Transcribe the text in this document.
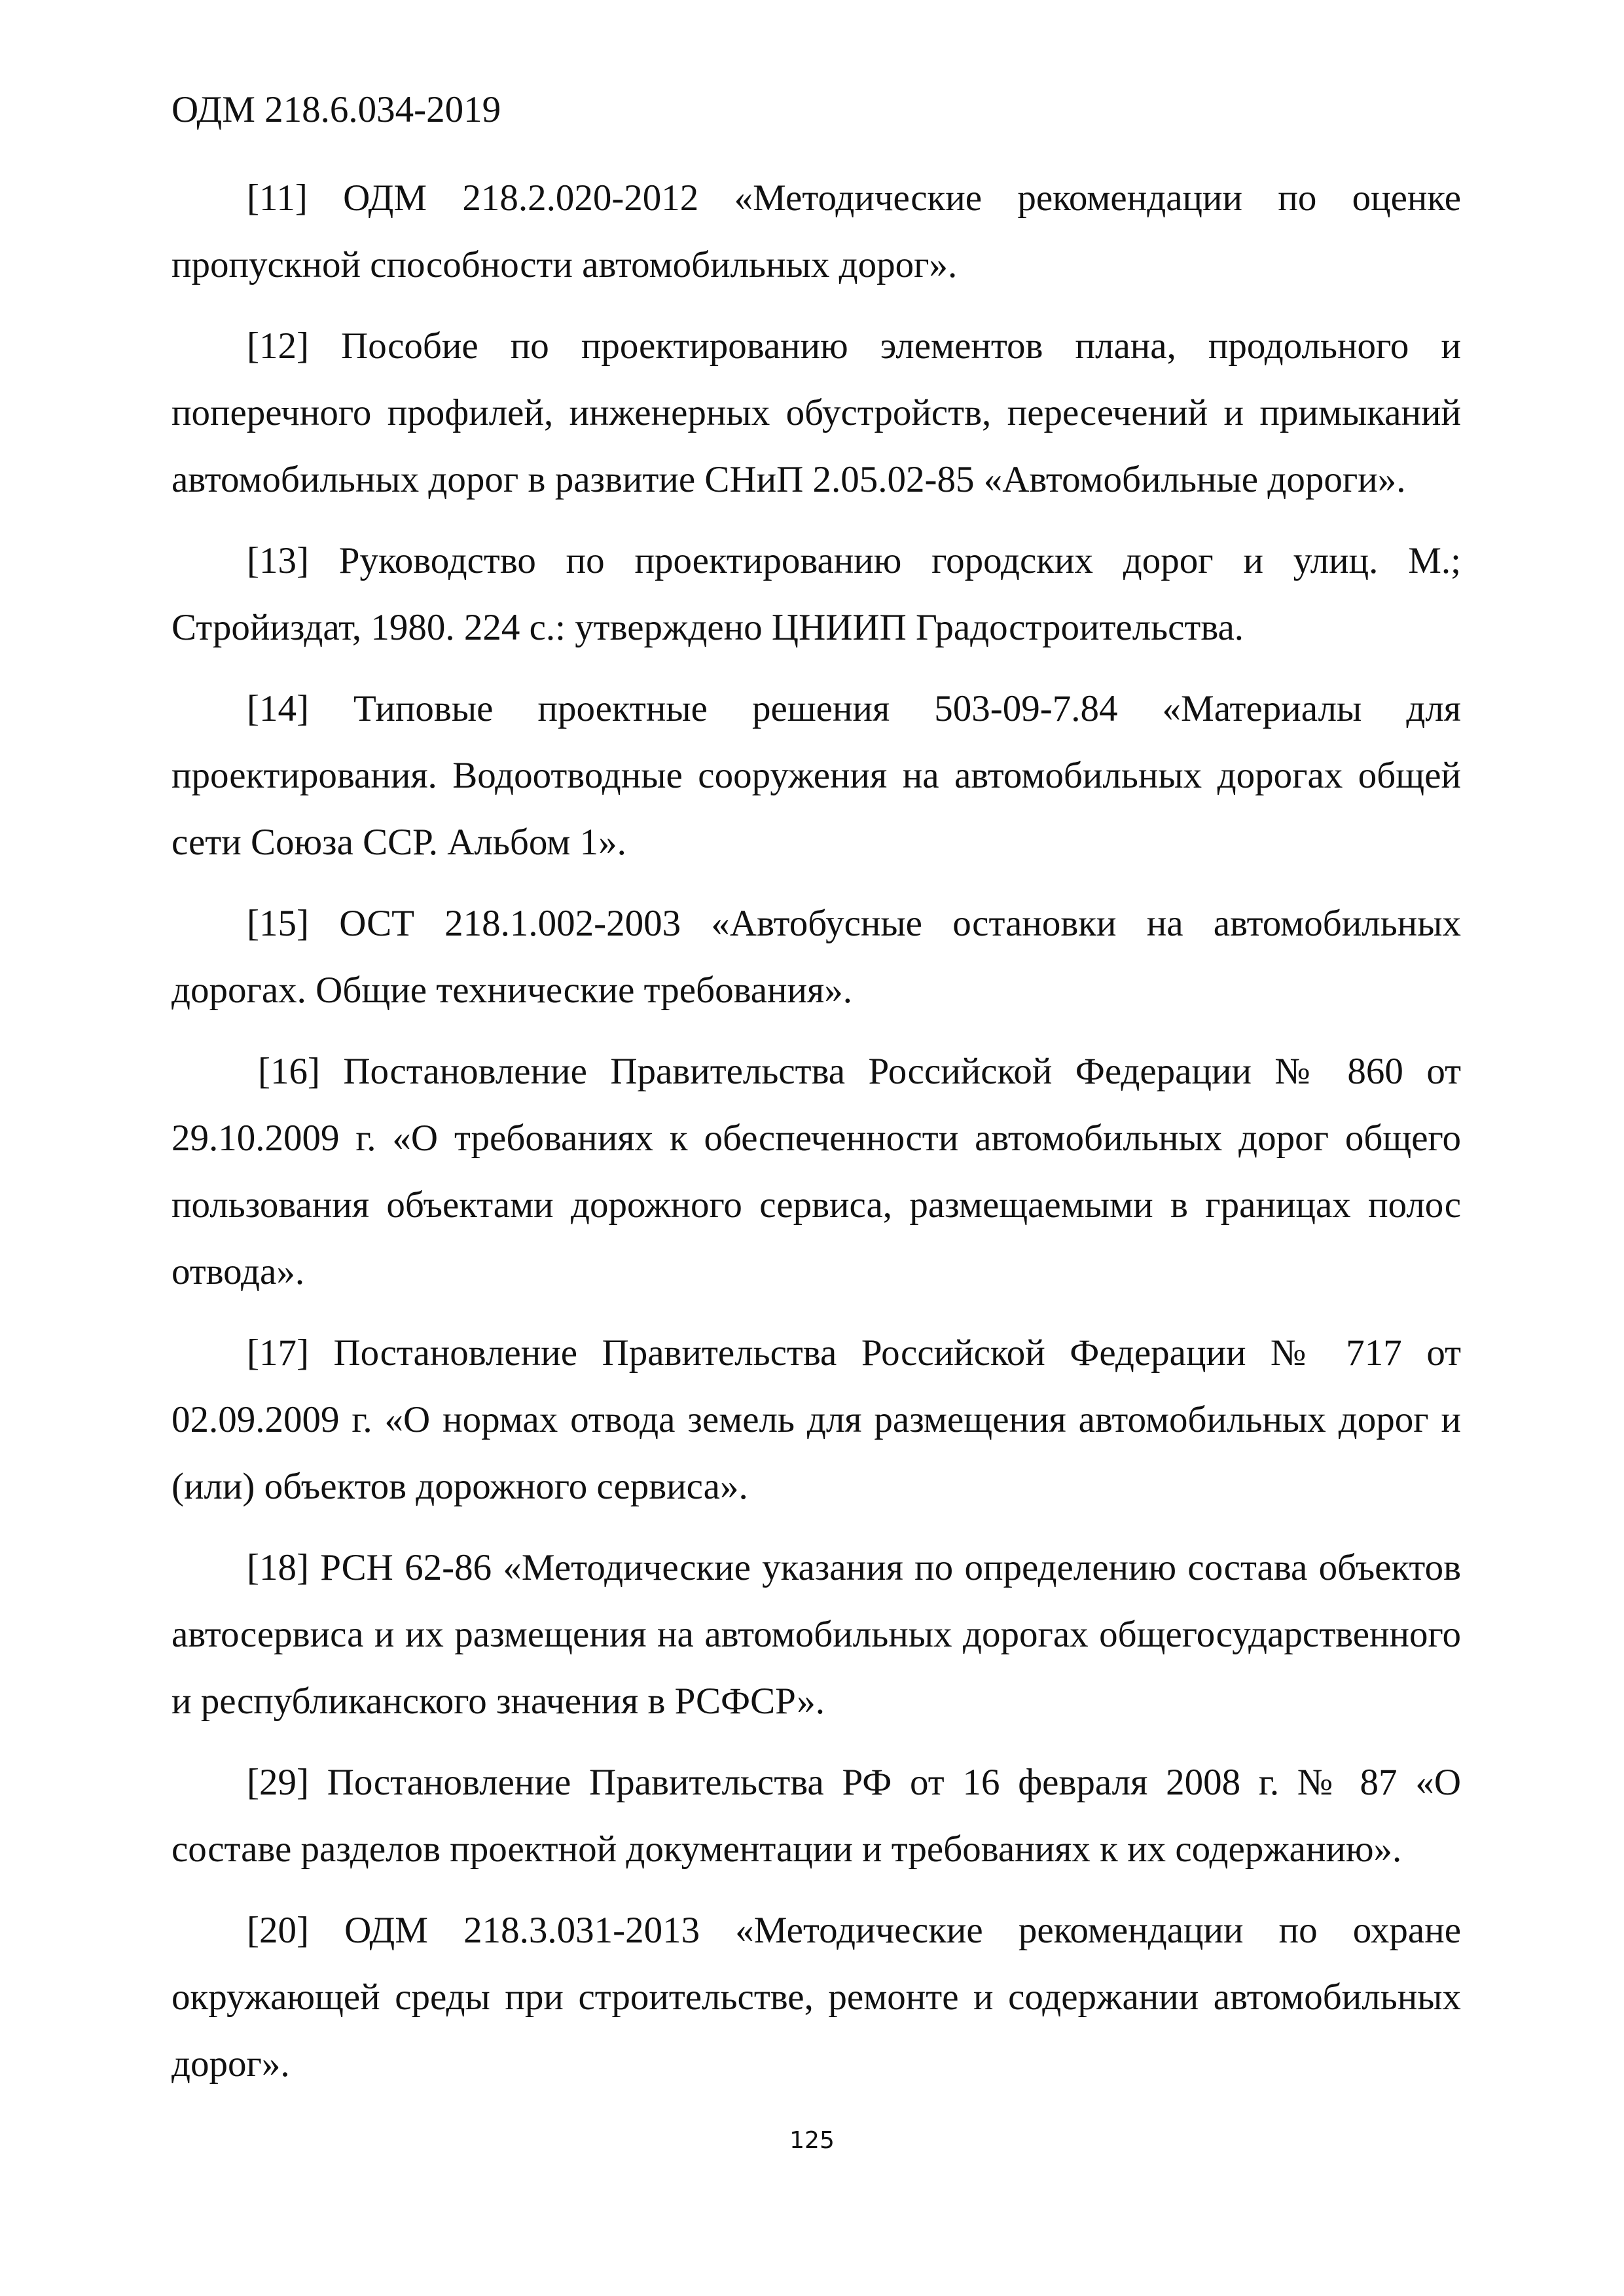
ОДМ 218.6.034-2019

[11] ОДМ 218.2.020-2012 «Методические рекомендации по оценке пропускной способности автомобильных дорог».

[12] Пособие по проектированию элементов плана, продольного и поперечного профилей, инженерных обустройств, пересечений и примыканий автомобильных дорог в развитие СНиП 2.05.02-85 «Автомобильные дороги».

[13] Руководство по проектированию городских дорог и улиц. М.; Стройиздат, 1980. 224 с.: утверждено ЦНИИП Градостроительства.

[14] Типовые проектные решения 503-09-7.84 «Материалы для проектирования. Водоотводные сооружения на автомобильных дорогах общей сети Союза ССР. Альбом 1».

[15] ОСТ 218.1.002-2003 «Автобусные остановки на автомобильных дорогах. Общие технические требования».

[16] Постановление Правительства Российской Федерации № 860 от 29.10.2009 г. «О требованиях к обеспеченности автомобильных дорог общего пользования объектами дорожного сервиса, размещаемыми в границах полос отвода».

[17] Постановление Правительства Российской Федерации № 717 от 02.09.2009 г. «О нормах отвода земель для размещения автомобильных дорог и (или) объектов дорожного сервиса».

[18] РСН 62-86 «Методические указания по определению состава объектов автосервиса и их размещения на автомобильных дорогах общегосударственного и республиканского значения в РСФСР».

[29] Постановление Правительства РФ от 16 февраля 2008 г. № 87 «О составе разделов проектной документации и требованиях к их содержанию».

[20] ОДМ 218.3.031-2013 «Методические рекомендации по охране окружающей среды при строительстве, ремонте и содержании автомобильных дорог».

125
